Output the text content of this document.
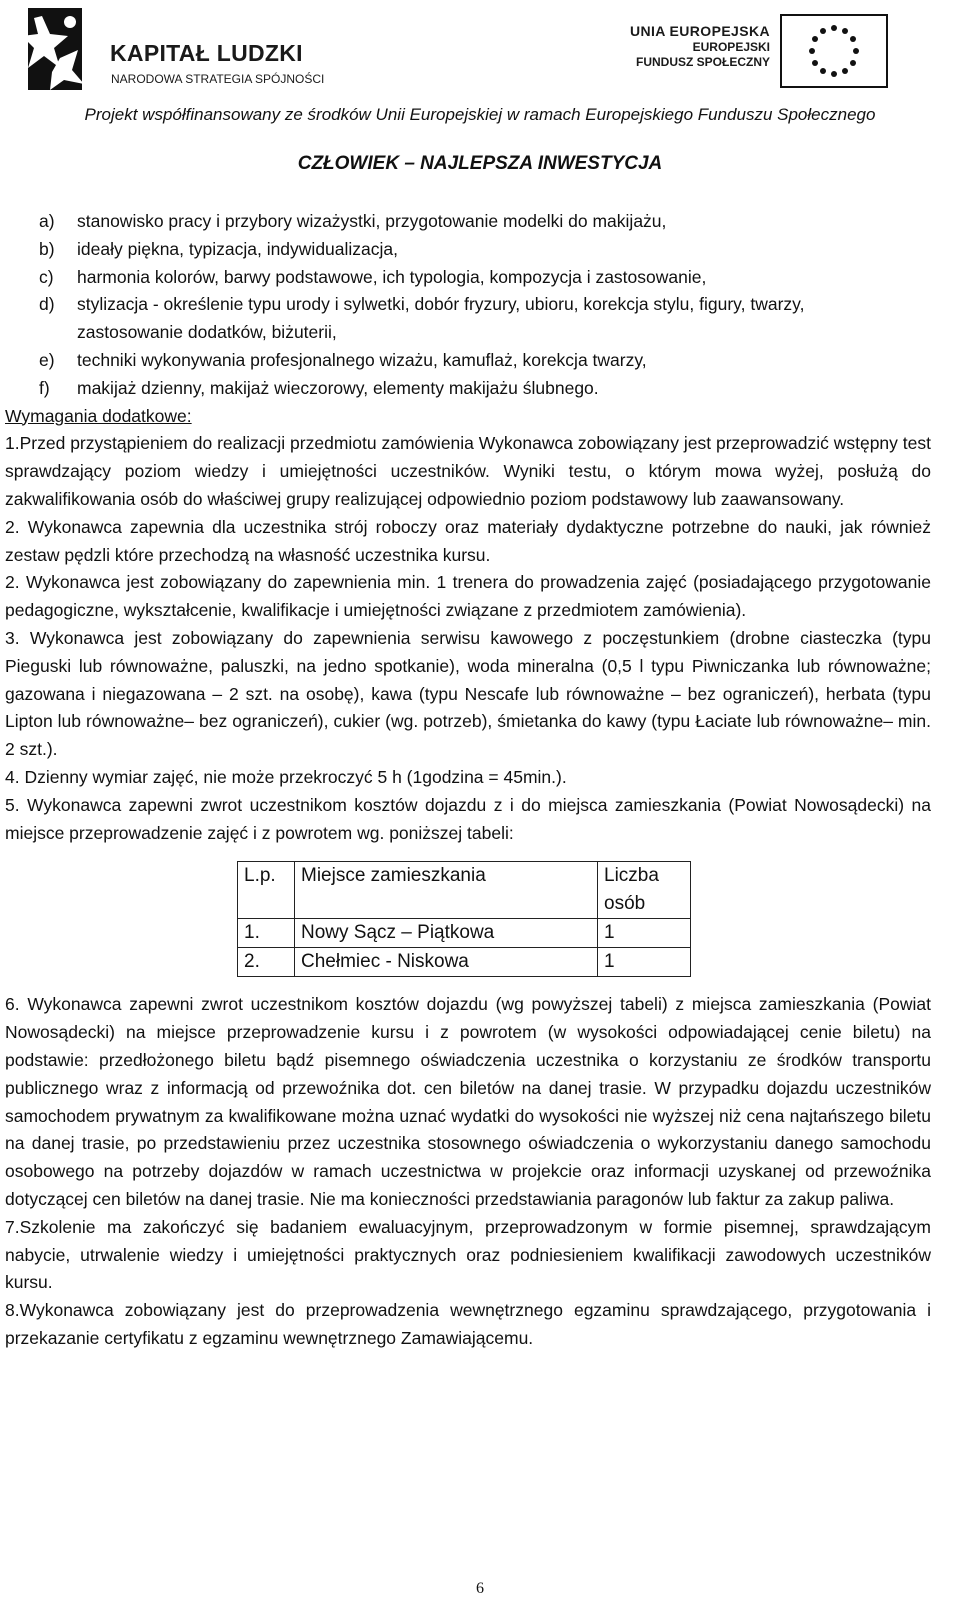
KAPITAŁ LUDZKI
NARODOWA STRATEGIA SPÓJNOŚCI
UNIA EUROPEJSKA
EUROPEJSKI
FUNDUSZ SPOŁECZNY
Projekt współfinansowany ze środków Unii Europejskiej w ramach Europejskiego Funduszu Społecznego
CZŁOWIEK – NAJLEPSZA INWESTYCJA
a) stanowisko pracy i przybory wizażystki, przygotowanie modelki do makijażu,
b) ideały piękna, typizacja, indywidualizacja,
c) harmonia kolorów, barwy podstawowe, ich typologia, kompozycja i zastosowanie,
d) stylizacja - określenie typu urody i sylwetki, dobór fryzury, ubioru, korekcja stylu, figury, twarzy,
zastosowanie dodatków, biżuterii,
e) techniki wykonywania profesjonalnego wizażu, kamuflaż, korekcja twarzy,
f) makijaż dzienny, makijaż wieczorowy, elementy makijażu ślubnego.

Wymagania dodatkowe:

1.Przed przystąpieniem do realizacji przedmiotu zamówienia Wykonawca zobowiązany jest przeprowadzić wstępny test sprawdzający poziom wiedzy i umiejętności uczestników. Wyniki testu, o którym mowa wyżej, posłużą do zakwalifikowania osób do właściwej grupy realizującej odpowiednio poziom podstawowy lub zaawansowany.

2. Wykonawca zapewnia dla uczestnika strój roboczy oraz materiały dydaktyczne potrzebne do nauki, jak również zestaw pędzli które przechodzą na własność uczestnika kursu.

2. Wykonawca jest zobowiązany do zapewnienia min. 1 trenera do prowadzenia zajęć (posiadającego przygotowanie pedagogiczne, wykształcenie, kwalifikacje i umiejętności związane z przedmiotem zamówienia).

3. Wykonawca jest zobowiązany do zapewnienia serwisu kawowego z poczęstunkiem (drobne ciasteczka (typu Pieguski lub równoważne, paluszki, na jedno spotkanie), woda mineralna (0,5 l typu Piwniczanka lub równoważne; gazowana i niegazowana – 2 szt. na osobę), kawa (typu Nescafe lub równoważne – bez ograniczeń), herbata (typu Lipton lub równoważne– bez ograniczeń), cukier (wg. potrzeb), śmietanka do kawy (typu Łaciate lub równoważne– min. 2 szt.).

4. Dzienny wymiar zajęć, nie może przekroczyć 5 h (1godzina = 45min.).

5. Wykonawca zapewni zwrot uczestnikom kosztów dojazdu z i do miejsca zamieszkania (Powiat Nowosądecki) na miejsce przeprowadzenie zajęć i z powrotem wg. poniższej tabeli:

L.p.	Miejsce zamieszkania	Liczba osób
1.	Nowy Sącz – Piątkowa	1
2.	Chełmiec - Niskowa	1

6. Wykonawca zapewni zwrot uczestnikom kosztów dojazdu (wg powyższej tabeli) z miejsca zamieszkania (Powiat Nowosądecki) na miejsce przeprowadzenie kursu i z powrotem (w wysokości odpowiadającej cenie biletu) na podstawie: przedłożonego biletu bądź pisemnego oświadczenia uczestnika o korzystaniu ze środków transportu publicznego wraz z informacją od przewoźnika dot. cen biletów na danej trasie. W przypadku dojazdu uczestników samochodem prywatnym za kwalifikowane można uznać wydatki do wysokości nie wyższej niż cena najtańszego biletu na danej trasie, po przedstawieniu przez uczestnika stosownego oświadczenia o wykorzystaniu danego samochodu osobowego na potrzeby dojazdów w ramach uczestnictwa w projekcie oraz informacji uzyskanej od przewoźnika dotyczącej cen biletów na danej trasie. Nie ma konieczności przedstawiania paragonów lub faktur za zakup paliwa.

7.Szkolenie ma zakończyć się badaniem ewaluacyjnym, przeprowadzonym w formie pisemnej, sprawdzającym nabycie, utrwalenie wiedzy i umiejętności praktycznych oraz podniesieniem kwalifikacji zawodowych uczestników kursu.

8.Wykonawca zobowiązany jest do przeprowadzenia wewnętrznego egzaminu sprawdzającego, przygotowania i przekazanie certyfikatu z egzaminu wewnętrznego Zamawiającemu.

6
